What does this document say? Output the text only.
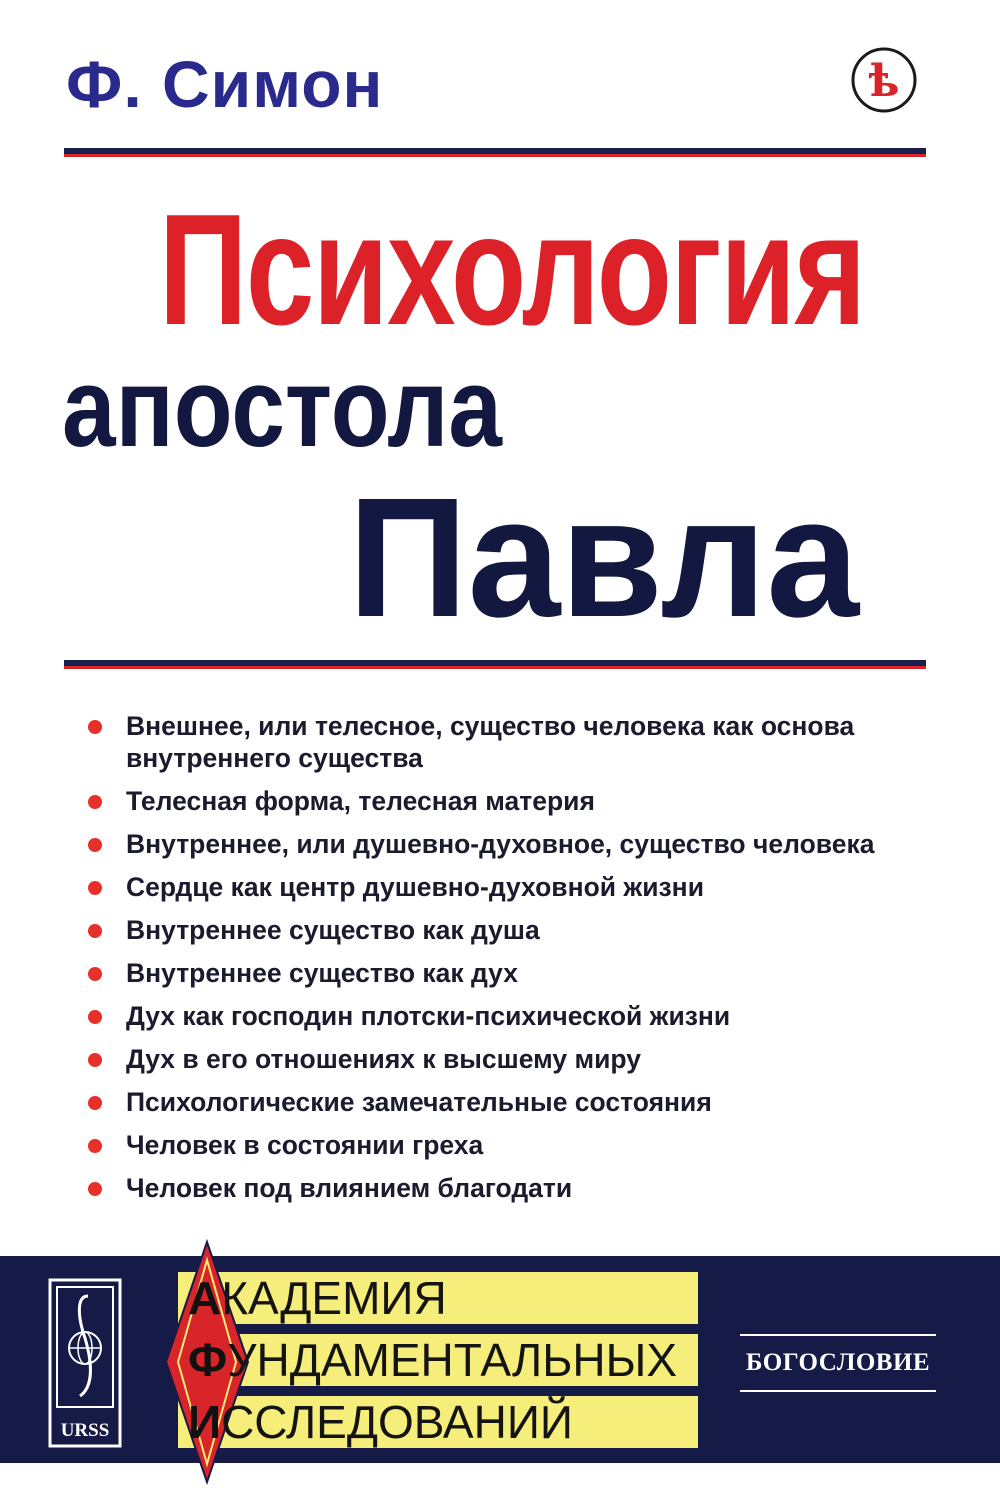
Ф. Симон	ѣ
Психология
апостола
Павла
Внешнее, или телесное, существо человека как основа внутреннего существа
Телесная форма, телесная материя
Внутреннее, или душевно-духовное, существо человека
Сердце как центр душевно-духовной жизни
Внутреннее существо как душа
Внутреннее существо как дух
Дух как господин плотски-психической жизни
Дух в его отношениях к высшему миру
Психологические замечательные состояния
Человек в состоянии греха
Человек под влиянием благодати
URSS
АКАДЕМИЯ
ФУНДАМЕНТАЛЬНЫХ
ИССЛЕДОВАНИЙ
БОГОСЛОВИЕ
